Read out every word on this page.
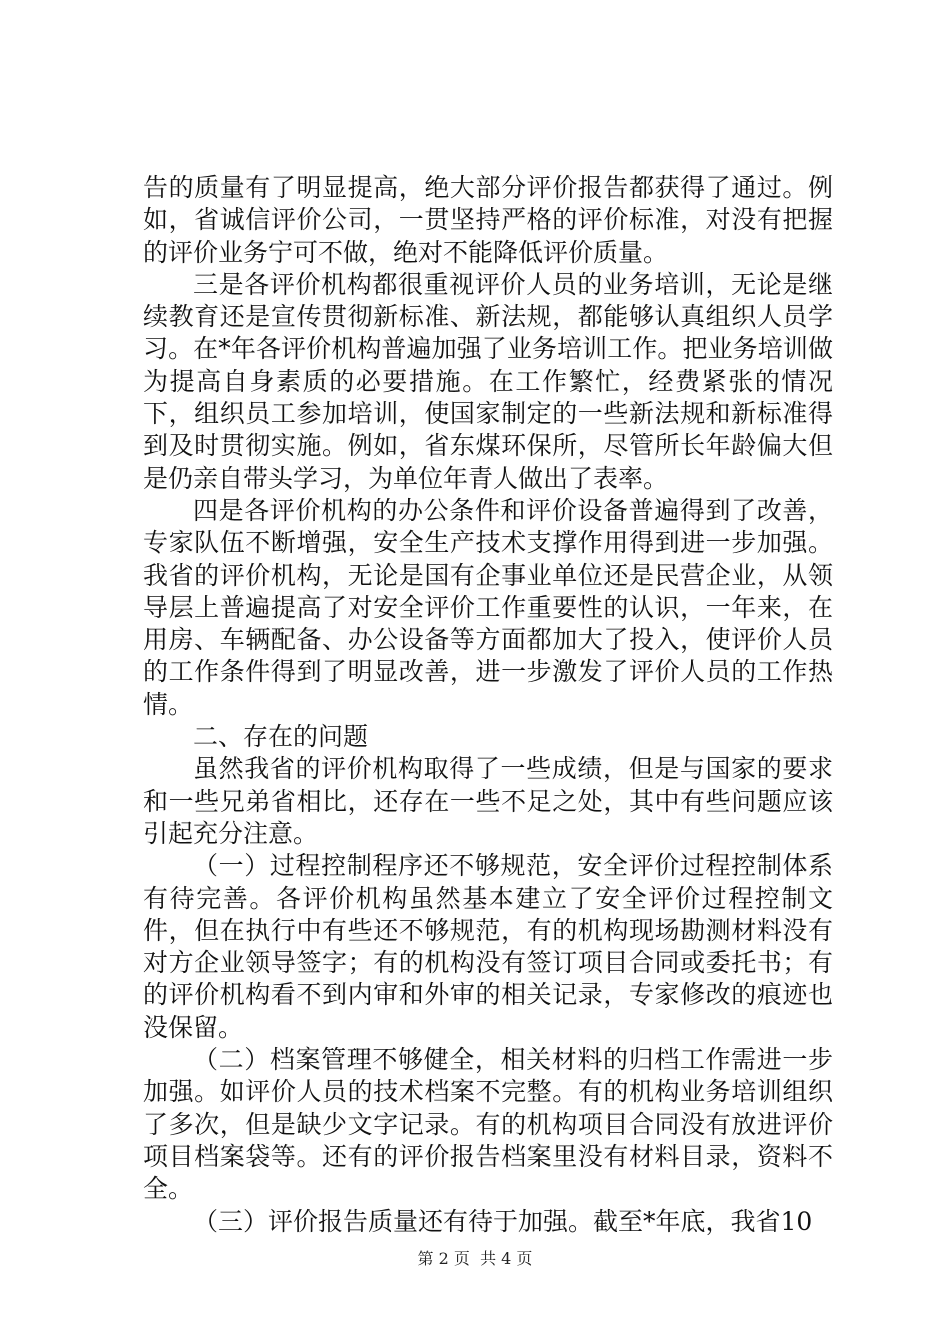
告的质量有了明显提高，绝大部分评价报告都获得了通过。例如，省诚信评价公司，一贯坚持严格的评价标准，对没有把握的评价业务宁可不做，绝对不能降低评价质量。

三是各评价机构都很重视评价人员的业务培训，无论是继续教育还是宣传贯彻新标准、新法规，都能够认真组织人员学习。在*年各评价机构普遍加强了业务培训工作。把业务培训做为提高自身素质的必要措施。在工作繁忙，经费紧张的情况下，组织员工参加培训，使国家制定的一些新法规和新标准得到及时贯彻实施。例如，省东煤环保所，尽管所长年龄偏大但是仍亲自带头学习，为单位年青人做出了表率。

四是各评价机构的办公条件和评价设备普遍得到了改善，专家队伍不断增强，安全生产技术支撑作用得到进一步加强。我省的评价机构，无论是国有企事业单位还是民营企业，从领导层上普遍提高了对安全评价工作重要性的认识，一年来，在用房、车辆配备、办公设备等方面都加大了投入，使评价人员的工作条件得到了明显改善，进一步激发了评价人员的工作热情。

二、存在的问题

虽然我省的评价机构取得了一些成绩，但是与国家的要求和一些兄弟省相比，还存在一些不足之处，其中有些问题应该引起充分注意。

（一）过程控制程序还不够规范，安全评价过程控制体系有待完善。各评价机构虽然基本建立了安全评价过程控制文件，但在执行中有些还不够规范，有的机构现场勘测材料没有对方企业领导签字；有的机构没有签订项目合同或委托书；有的评价机构看不到内审和外审的相关记录，专家修改的痕迹也没保留。

（二）档案管理不够健全，相关材料的归档工作需进一步加强。如评价人员的技术档案不完整。有的机构业务培训组织了多次，但是缺少文字记录。有的机构项目合同没有放进评价项目档案袋等。还有的评价报告档案里没有材料目录，资料不全。

（三）评价报告质量还有待于加强。截至*年底，我省10

第 2 页  共 4 页
